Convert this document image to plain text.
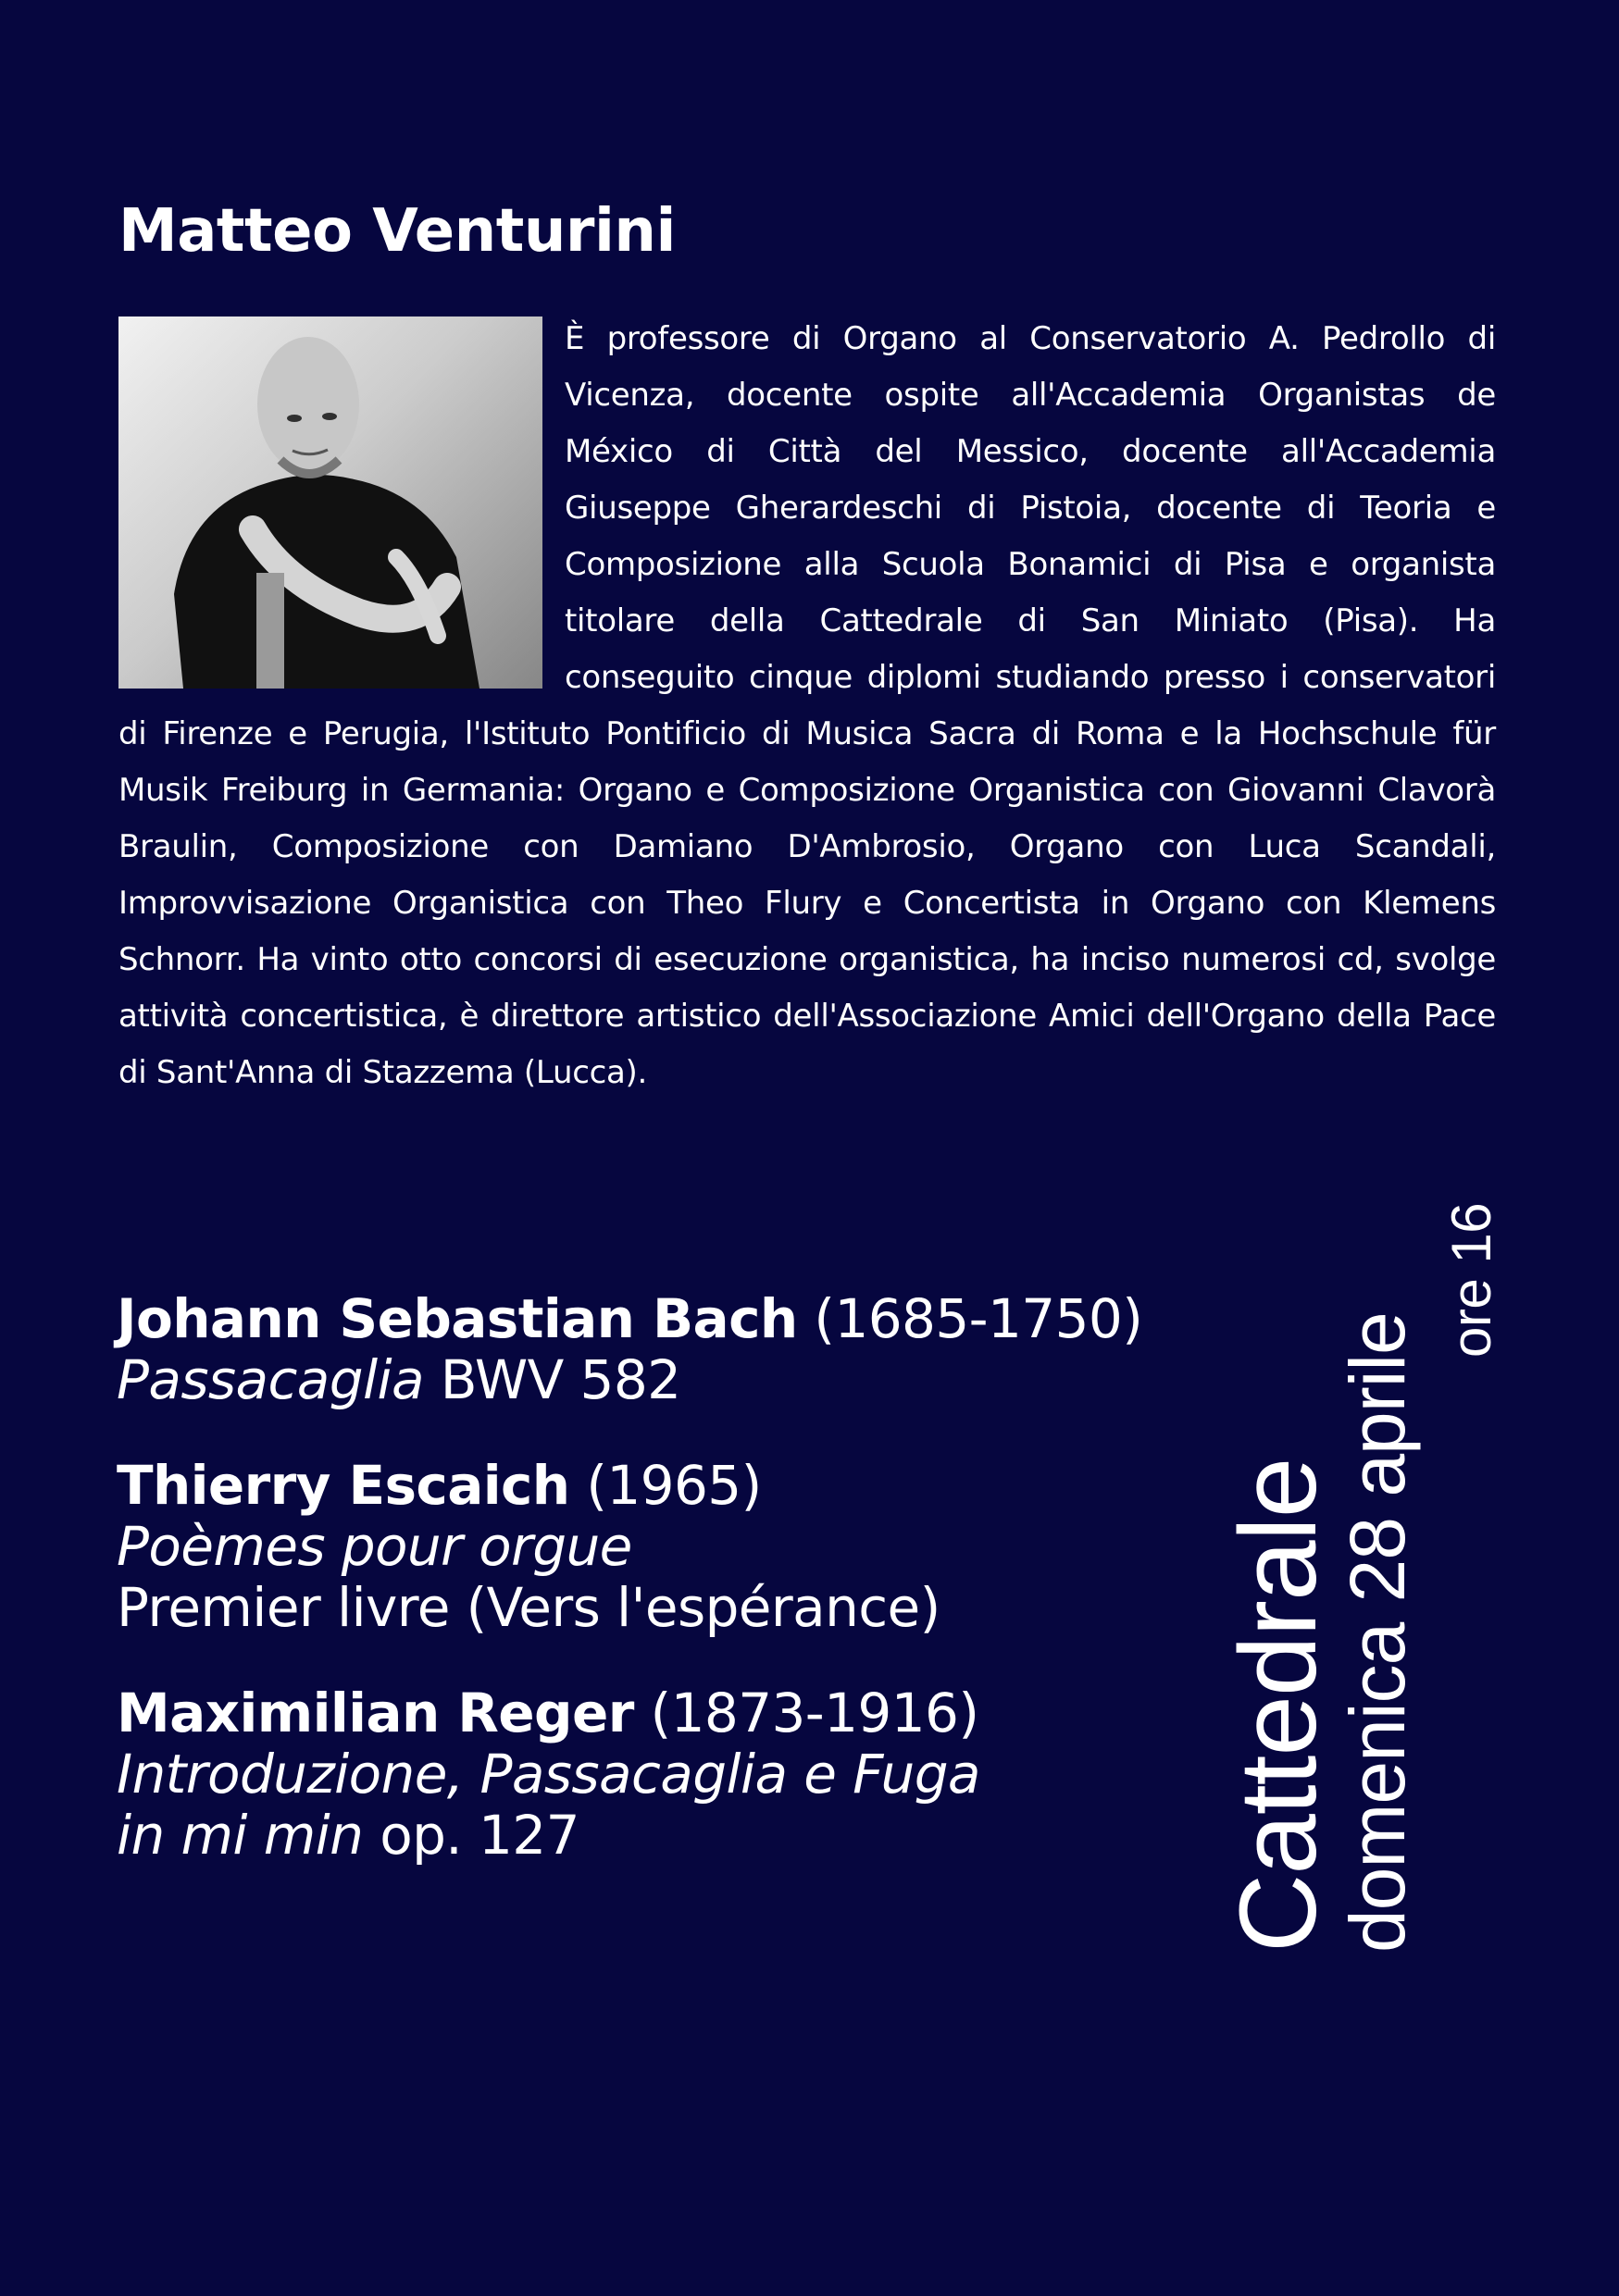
Matteo Venturini

È professore di Organo al Conservatorio A. Pedrollo di Vicenza, docente ospite all'Accademia Organistas de México di Città del Messico, docente all'Accademia Giuseppe Gherardeschi di Pistoia, docente di Teoria e Composizione alla Scuola Bonamici di Pisa e organista titolare della Cattedrale di San Miniato (Pisa). Ha conseguito cinque diplomi studiando presso i conservatori di Firenze e Perugia, l'Istituto Pontificio di Musica Sacra di Roma e la Hochschule für Musik Freiburg in Germania: Organo e Composizione Organistica con Giovanni Clavorà Braulin, Composizione con Damiano D'Ambrosio, Organo con Luca Scandali, Improvvisazione Organistica con Theo Flury e Concertista in Organo con Klemens Schnorr. Ha vinto otto concorsi di esecuzione organistica, ha inciso numerosi cd, svolge attività concertistica, è direttore artistico dell'Associazione Amici dell'Organo della Pace di Sant'Anna di Stazzema (Lucca).

Johann Sebastian Bach (1685-1750)
Passacaglia BWV 582
Thierry Escaich (1965)
Poèmes pour orgue
Premier livre (Vers l'espérance)
Maximilian Reger (1873-1916)
Introduzione, Passacaglia e Fuga
in mi min op. 127	Cattedrale
domenica 28 aprile
ore 16
